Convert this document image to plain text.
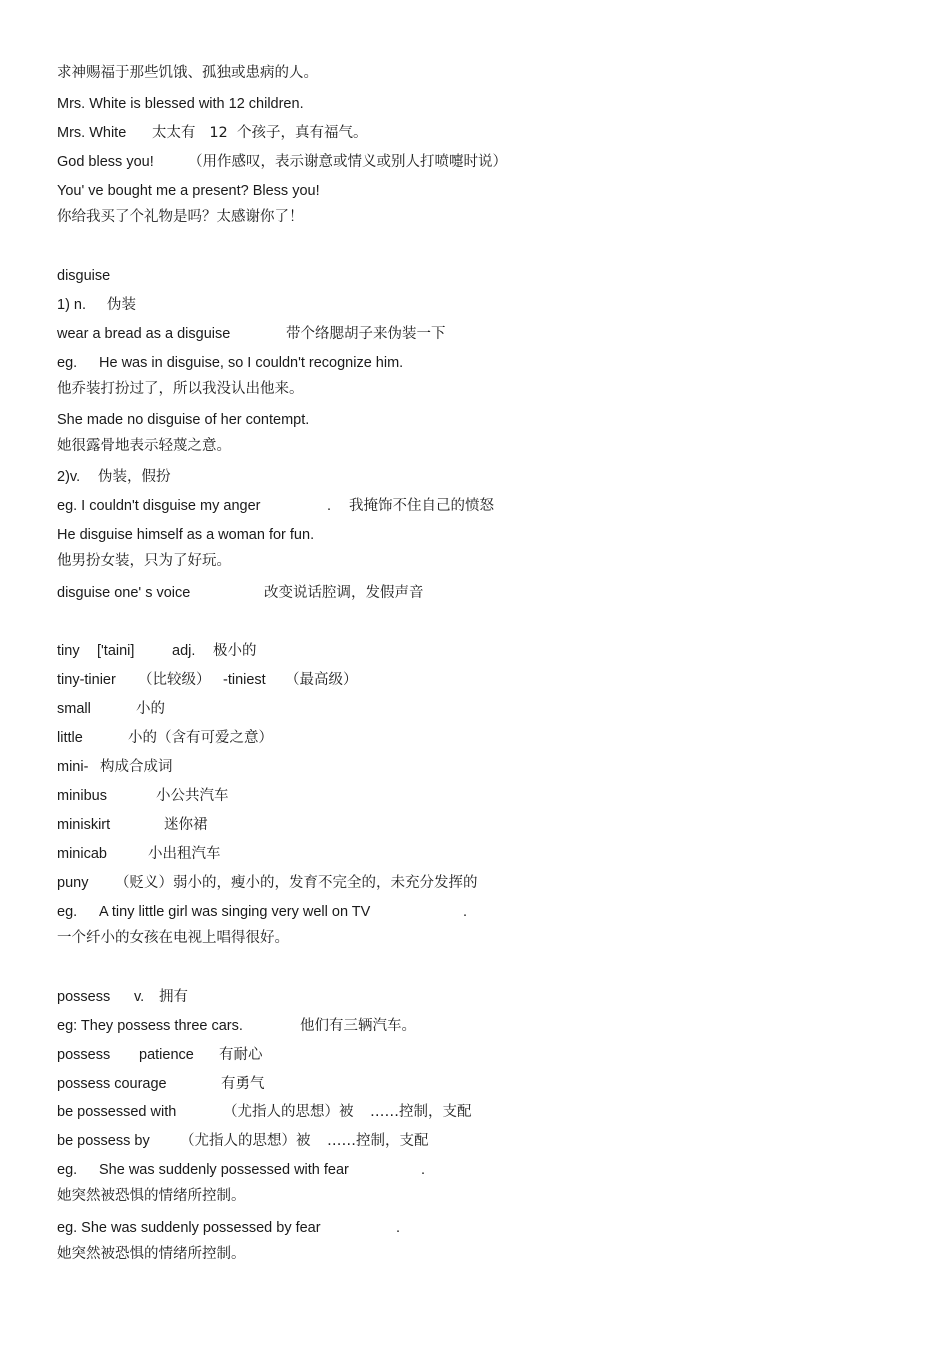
求神赐福于那些饥饿、孤独或患病的人。
Mrs. White is blessed with 12 children.
Mrs. White 太太有   12  个孩子，真有福气。
God bless you! （用作感叹，表示谢意或情义或别人打喷嚏时说）
You' ve bought me a present? Bless you!
你给我买了个礼物是吗？太感谢你了！
disguise
1) n. 伪装
wear a bread as a disguise	带个络腮胡子来伪装一下
eg. He was in disguise, so I couldn't recognize him.
他乔装打扮过了，所以我没认出他来。
She made no disguise of her contempt.
她很露骨地表示轻蔑之意。
2)v. 伪装，假扮
eg. I couldn't disguise my anger	. 我掩饰不住自己的愤怒
He disguise himself as a woman for fun.
他男扮女装，只为了好玩。
disguise one' s voice	改变说话腔调，发假声音
tiny ['taini]	adj. 极小的
tiny-tinier （比较级） -tiniest （最高级）
small	小的
little	小的（含有可爱之意）
mini- 构成合成词
minibus	小公共汽车
miniskirt	迷你裙
minicab	小出租汽车
puny （贬义）弱小的，瘦小的，发育不完全的，未充分发挥的
eg. A tiny little girl was singing very well on TV	.
一个纤小的女孩在电视上唱得很好。
possess v. 拥有
eg: They possess three cars.	他们有三辆汽车。
possess patience 有耐心
possess courage	有勇气
be possessed with	（尤指人的思想）被 ……控制，支配
be possess by （尤指人的思想）被 ……控制，支配
eg. She was suddenly possessed with fear	.
她突然被恐惧的情绪所控制。
eg. She was suddenly possessed by fear	.
她突然被恐惧的情绪所控制。
